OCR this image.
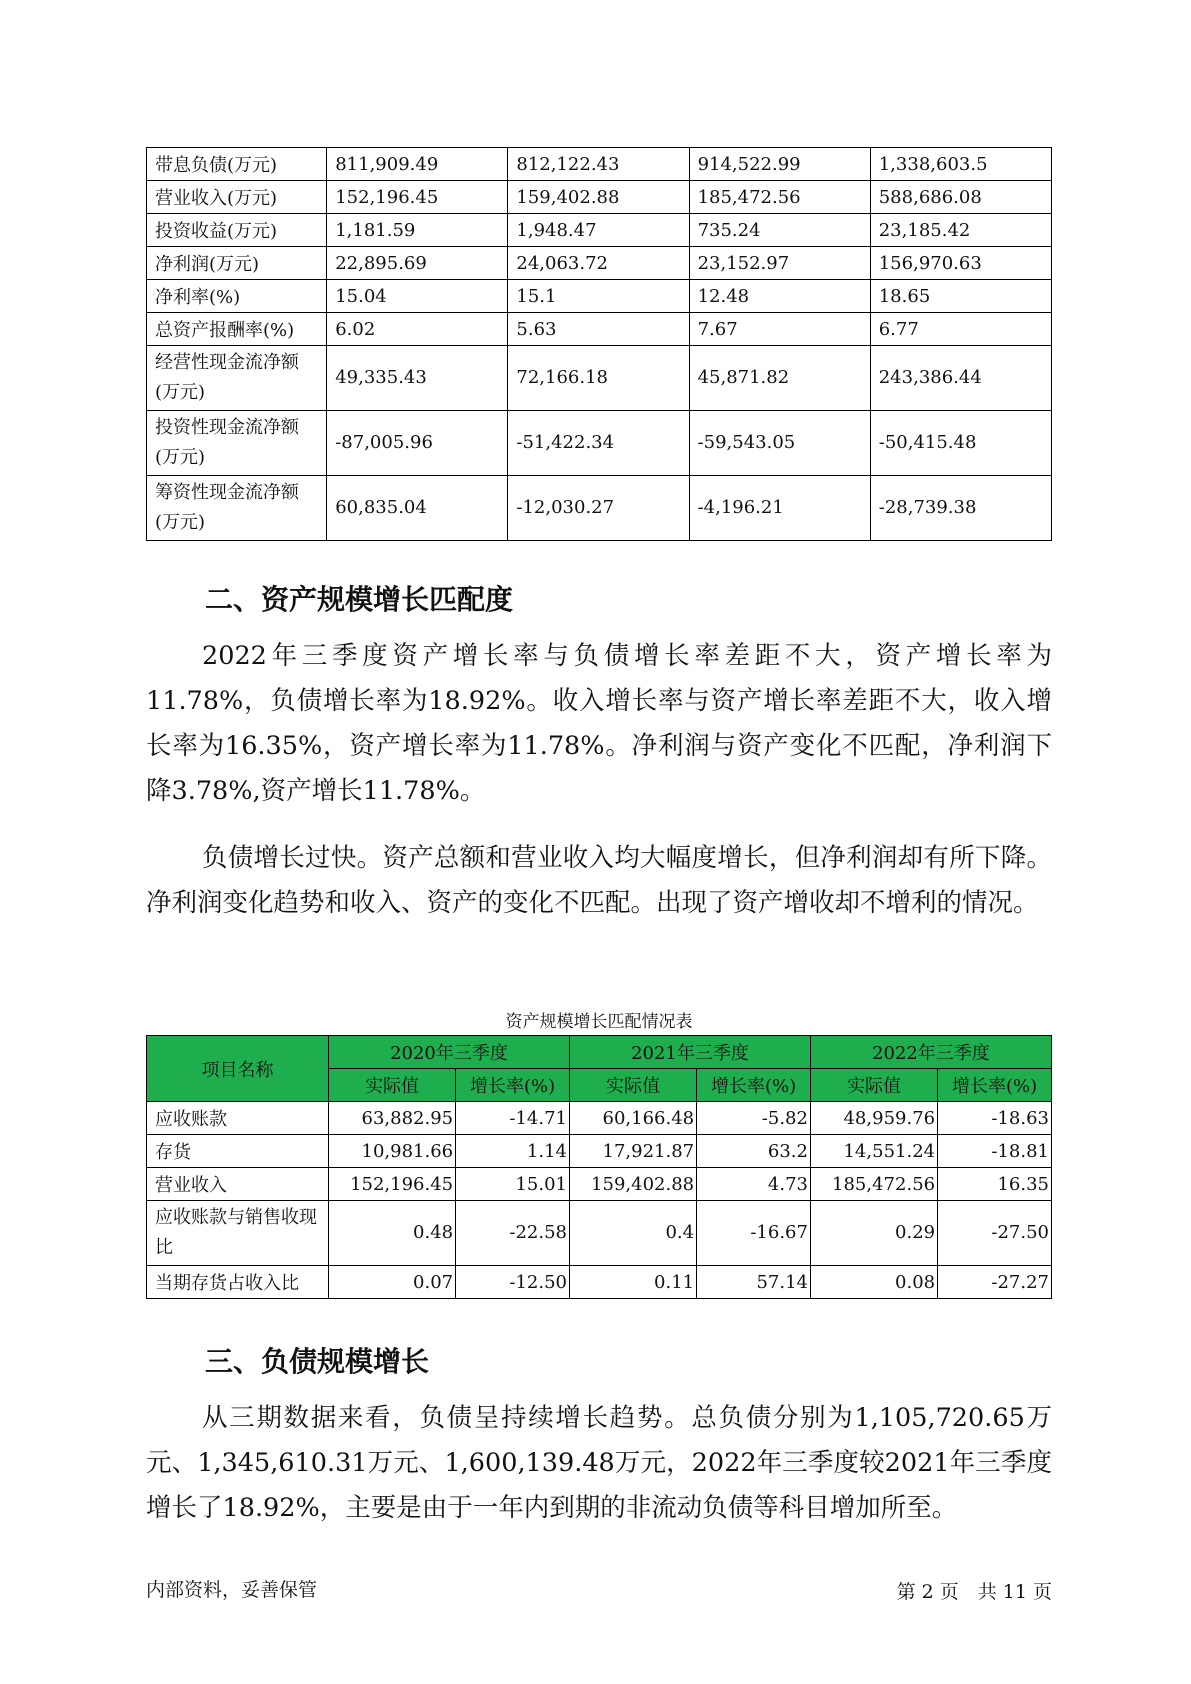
带息负债(万元)	811,909.49	812,122.43	914,522.99	1,338,603.5
营业收入(万元)	152,196.45	159,402.88	185,472.56	588,686.08
投资收益(万元)	1,181.59	1,948.47	735.24	23,185.42
净利润(万元)	22,895.69	24,063.72	23,152.97	156,970.63
净利率(%)	15.04	15.1	12.48	18.65
总资产报酬率(%)	6.02	5.63	7.67	6.77
经营性现金流净额(万元)	49,335.43	72,166.18	45,871.82	243,386.44
投资性现金流净额(万元)	-87,005.96	-51,422.34	-59,543.05	-50,415.48
筹资性现金流净额(万元)	60,835.04	-12,030.27	-4,196.21	-28,739.38
二、资产规模增长匹配度

2022年三季度资产增长率与负债增长率差距不大，资产增长率为11.78%，负债增长率为18.92%。收入增长率与资产增长率差距不大，收入增长率为16.35%，资产增长率为11.78%。净利润与资产变化不匹配，净利润下降3.78%,资产增长11.78%。

负债增长过快。资产总额和营业收入均大幅度增长，但净利润却有所下降。净利润变化趋势和收入、资产的变化不匹配。出现了资产增收却不增利的情况。

资产规模增长匹配情况表

项目名称	2020年三季度		2021年三季度		2022年三季度	
	实际值	增长率(%)	实际值	增长率(%)	实际值	增长率(%)
应收账款	63,882.95	-14.71	60,166.48	-5.82	48,959.76	-18.63
存货	10,981.66	1.14	17,921.87	63.2	14,551.24	-18.81
营业收入	152,196.45	15.01	159,402.88	4.73	185,472.56	16.35
应收账款与销售收现比	0.48	-22.58	0.4	-16.67	0.29	-27.50
当期存货占收入比	0.07	-12.50	0.11	57.14	0.08	-27.27
三、负债规模增长

从三期数据来看，负债呈持续增长趋势。总负债分别为1,105,720.65万元、1,345,610.31万元、1,600,139.48万元，2022年三季度较2021年三季度增长了18.92%，主要是由于一年内到期的非流动负债等科目增加所至。

内部资料，妥善保管	第 2 页　共 11 页
